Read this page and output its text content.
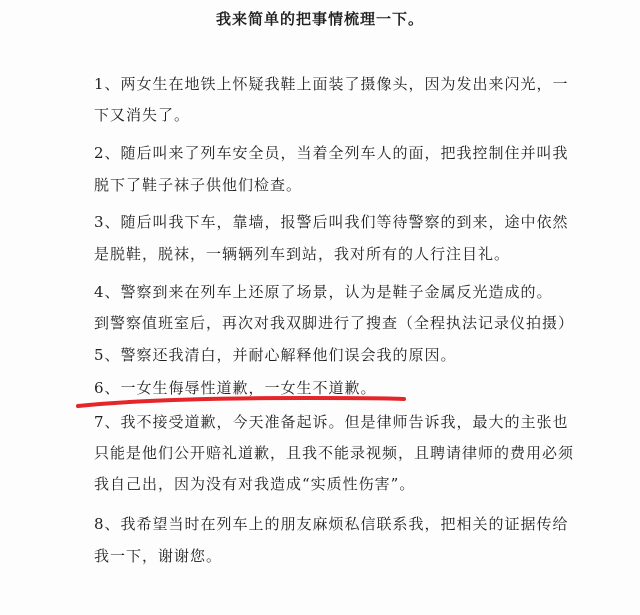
我来简单的把事情梳理一下。
1、两女生在地铁上怀疑我鞋上面装了摄像头，因为发出来闪光，一
下又消失了。
2、随后叫来了列车安全员，当着全列车人的面，把我控制住并叫我
脱下了鞋子袜子供他们检查。
3、随后叫我下车，靠墙，报警后叫我们等待警察的到来，途中依然
是脱鞋，脱袜，一辆辆列车到站，我对所有的人行注目礼。
4、警察到来在列车上还原了场景，认为是鞋子金属反光造成的。
到警察值班室后，再次对我双脚进行了搜查（全程执法记录仪拍摄）
5、警察还我清白，并耐心解释他们误会我的原因。
6、一女生侮辱性道歉，一女生不道歉。
7、我不接受道歉，今天准备起诉。但是律师告诉我，最大的主张也
只能是他们公开赔礼道歉，且我不能录视频，且聘请律师的费用必须
我自己出，因为没有对我造成“实质性伤害”。
8、我希望当时在列车上的朋友麻烦私信联系我，把相关的证据传给
我一下，谢谢您。
